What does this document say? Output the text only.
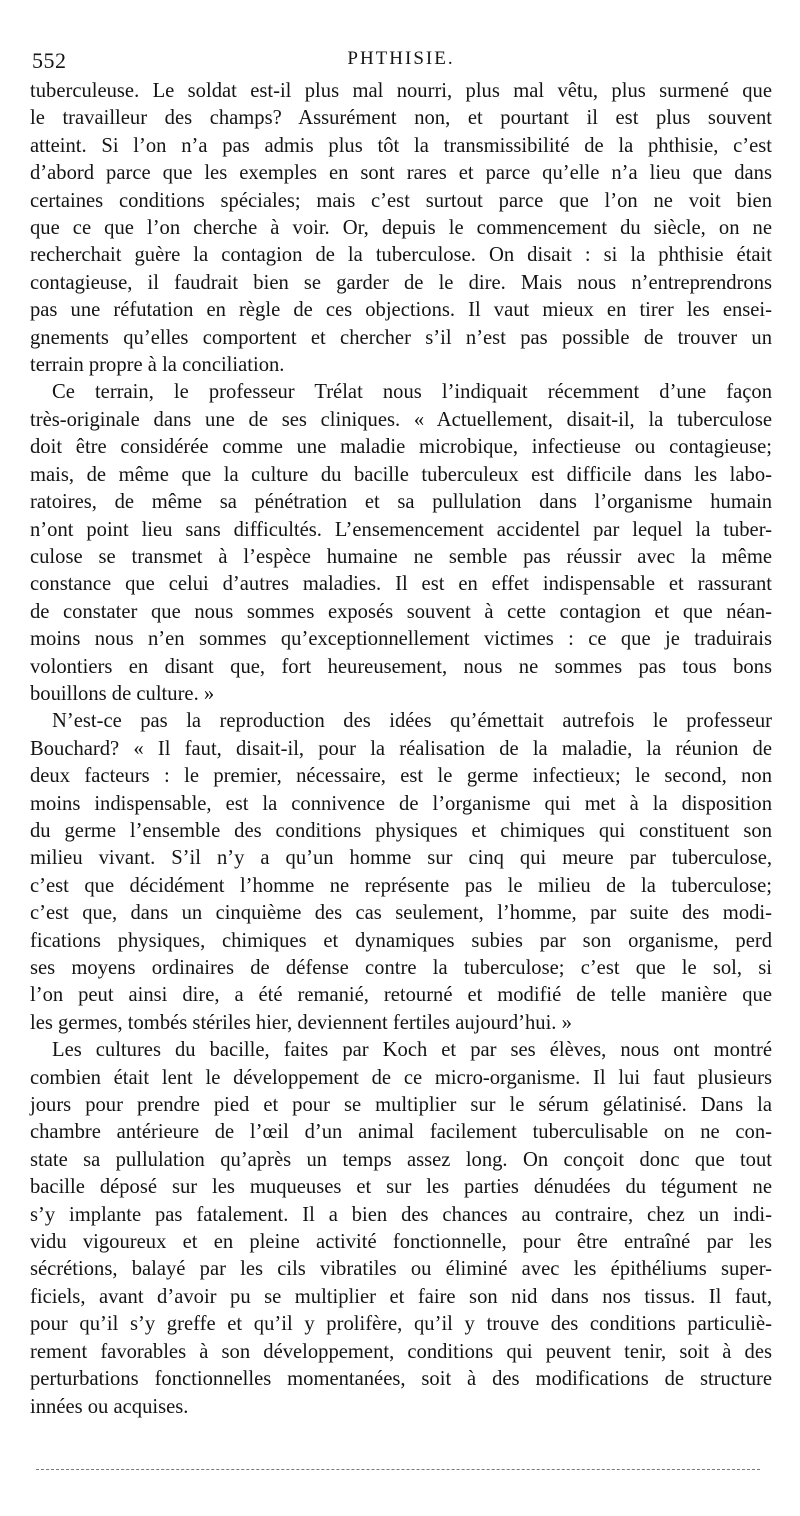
552	PHTHISIE.

tuberculeuse. Le soldat est-il plus mal nourri, plus mal vêtu, plus surmené que
le travailleur des champs? Assurément non, et pourtant il est plus souvent
atteint. Si l’on n’a pas admis plus tôt la transmissibilité de la phthisie, c’est
d’abord parce que les exemples en sont rares et parce qu’elle n’a lieu que dans
certaines conditions spéciales; mais c’est surtout parce que l’on ne voit bien
que ce que l’on cherche à voir. Or, depuis le commencement du siècle, on ne
recherchait guère la contagion de la tuberculose. On disait : si la phthisie était
contagieuse, il faudrait bien se garder de le dire. Mais nous n’entreprendrons
pas une réfutation en règle de ces objections. Il vaut mieux en tirer les ensei-
gnements qu’elles comportent et chercher s’il n’est pas possible de trouver un
terrain propre à la conciliation.

Ce terrain, le professeur Trélat nous l’indiquait récemment d’une façon
très-originale dans une de ses cliniques. « Actuellement, disait-il, la tuberculose
doit être considérée comme une maladie microbique, infectieuse ou contagieuse;
mais, de même que la culture du bacille tuberculeux est difficile dans les labo-
ratoires, de même sa pénétration et sa pullulation dans l’organisme humain
n’ont point lieu sans difficultés. L’ensemencement accidentel par lequel la tuber-
culose se transmet à l’espèce humaine ne semble pas réussir avec la même
constance que celui d’autres maladies. Il est en effet indispensable et rassurant
de constater que nous sommes exposés souvent à cette contagion et que néan-
moins nous n’en sommes qu’exceptionnellement victimes : ce que je traduirais
volontiers en disant que, fort heureusement, nous ne sommes pas tous bons
bouillons de culture. »

N’est-ce pas la reproduction des idées qu’émettait autrefois le professeur
Bouchard? « Il faut, disait-il, pour la réalisation de la maladie, la réunion de
deux facteurs : le premier, nécessaire, est le germe infectieux; le second, non
moins indispensable, est la connivence de l’organisme qui met à la disposition
du germe l’ensemble des conditions physiques et chimiques qui constituent son
milieu vivant. S’il n’y a qu’un homme sur cinq qui meure par tuberculose,
c’est que décidément l’homme ne représente pas le milieu de la tuberculose;
c’est que, dans un cinquième des cas seulement, l’homme, par suite des modi-
fications physiques, chimiques et dynamiques subies par son organisme, perd
ses moyens ordinaires de défense contre la tuberculose; c’est que le sol, si
l’on peut ainsi dire, a été remanié, retourné et modifié de telle manière que
les germes, tombés stériles hier, deviennent fertiles aujourd’hui. »

Les cultures du bacille, faites par Koch et par ses élèves, nous ont montré
combien était lent le développement de ce micro-organisme. Il lui faut plusieurs
jours pour prendre pied et pour se multiplier sur le sérum gélatinisé. Dans la
chambre antérieure de l’œil d’un animal facilement tuberculisable on ne con-
state sa pullulation qu’après un temps assez long. On conçoit donc que tout
bacille déposé sur les muqueuses et sur les parties dénudées du tégument ne
s’y implante pas fatalement. Il a bien des chances au contraire, chez un indi-
vidu vigoureux et en pleine activité fonctionnelle, pour être entraîné par les
sécrétions, balayé par les cils vibratiles ou éliminé avec les épithéliums super-
ficiels, avant d’avoir pu se multiplier et faire son nid dans nos tissus. Il faut,
pour qu’il s’y greffe et qu’il y prolifère, qu’il y trouve des conditions particuliè-
rement favorables à son développement, conditions qui peuvent tenir, soit à des
perturbations fonctionnelles momentanées, soit à des modifications de structure
innées ou acquises.
